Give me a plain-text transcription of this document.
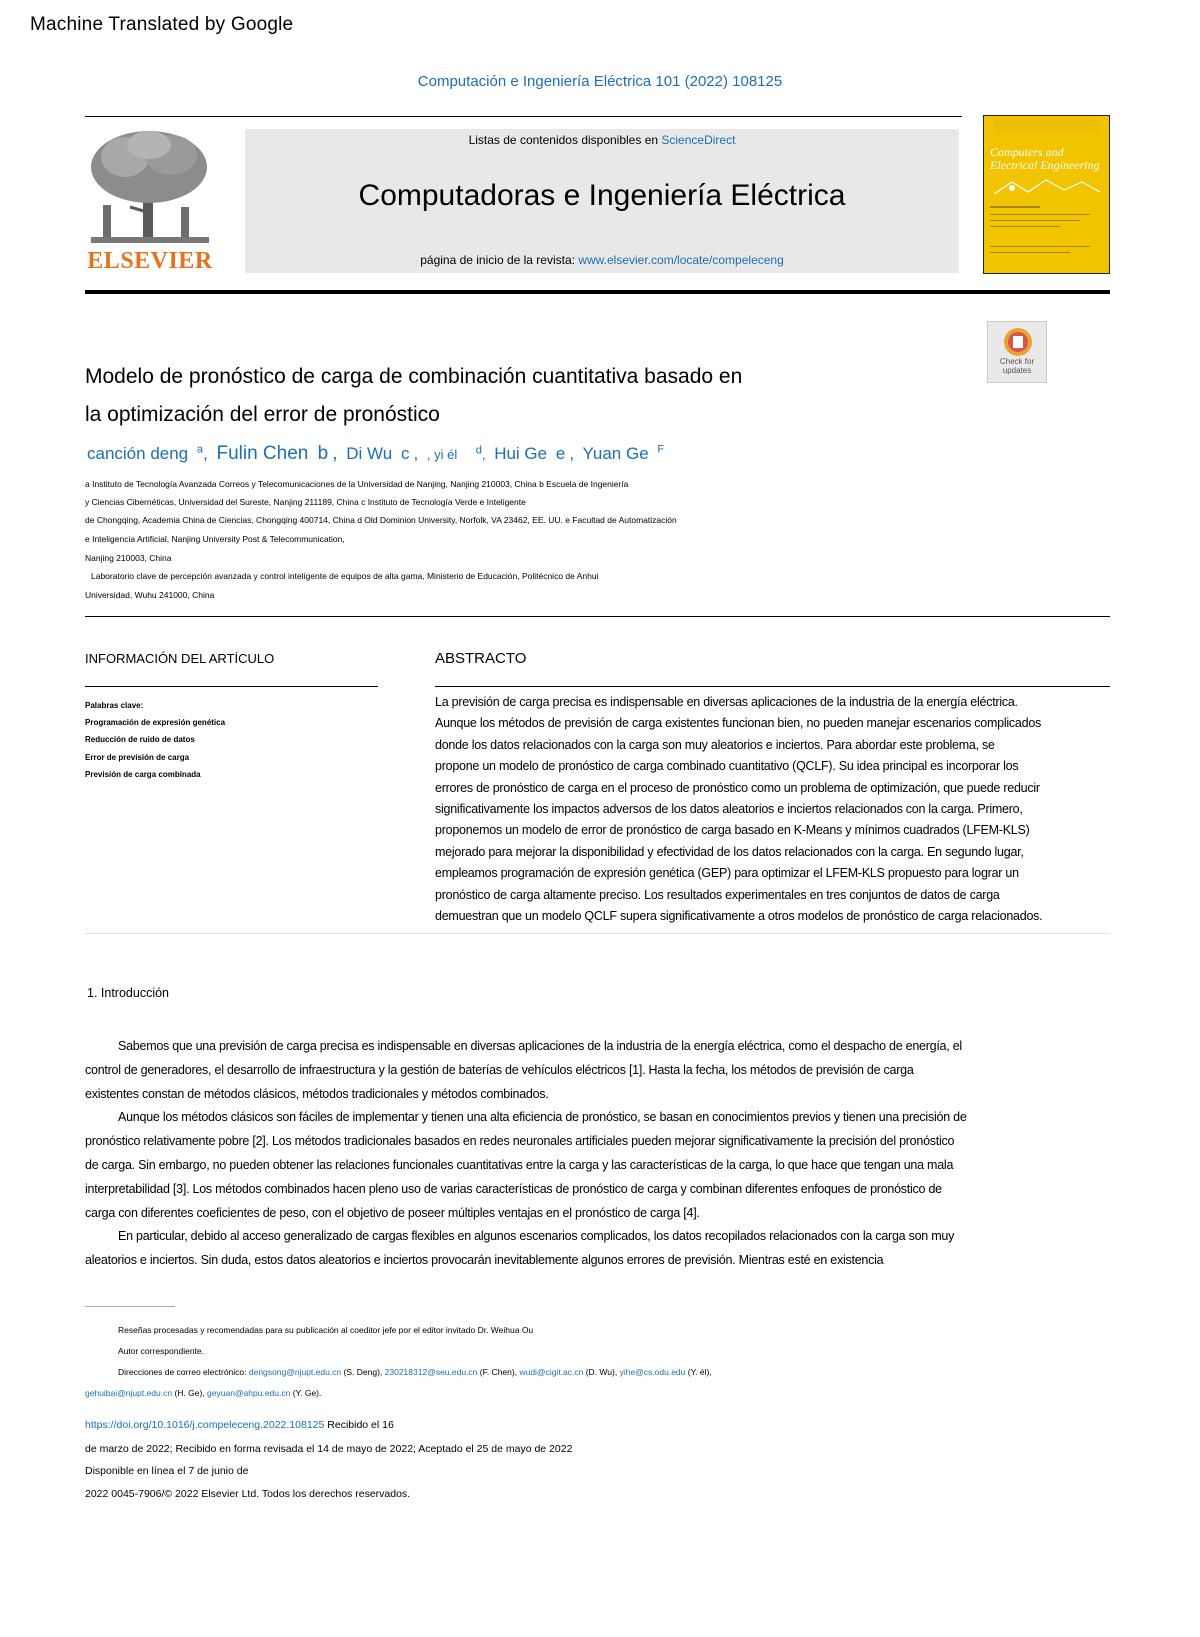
Machine Translated by Google
Computación e Ingeniería Eléctrica 101 (2022) 108125
ELSEVIER
Listas de contenidos disponibles en ScienceDirect
Computadoras e Ingeniería Eléctrica
página de inicio de la revista: www.elsevier.com/locate/compeleceng
Computers and
Electrical Engineering
Check for
updates
Modelo de pronóstico de carga de combinación cuantitativa basado en
la optimización del error de pronóstico
canción deng $^a$, Fulin Chen b , Di Wu c , , yi él $^d$, Hui Ge e , Yuan Ge $^F$
a Instituto de Tecnología Avanzada Correos y Telecomunicaciones de la Universidad de Nanjing, Nanjing 210003, China b Escuela de Ingeniería
y Ciencias Cibernéticas, Universidad del Sureste, Nanjing 211189, China c Instituto de Tecnología Verde e Inteligente
de Chongqing, Academia China de Ciencias, Chongqing 400714, China d Old Dominion University, Norfolk, VA 23462, EE. UU. e Facultad de Automatización
e Inteligencia Artificial, Nanjing University Post & Telecommunication,
Nanjing 210003, China
Laboratorio clave de percepción avanzada y control inteligente de equipos de alta gama, Ministerio de Educación, Politécnico de Anhui
Universidad, Wuhu 241000, China
INFORMACIÓN DEL ARTÍCULO
Palabras clave:
Programación de expresión genética
Reducción de ruido de datos
Error de previsión de carga
Previsión de carga combinada
ABSTRACTO
La previsión de carga precisa es indispensable en diversas aplicaciones de la industria de la energía eléctrica.
Aunque los métodos de previsión de carga existentes funcionan bien, no pueden manejar escenarios complicados
donde los datos relacionados con la carga son muy aleatorios e inciertos. Para abordar este problema, se
propone un modelo de pronóstico de carga combinado cuantitativo (QCLF). Su idea principal es incorporar los
errores de pronóstico de carga en el proceso de pronóstico como un problema de optimización, que puede reducir
significativamente los impactos adversos de los datos aleatorios e inciertos relacionados con la carga. Primero,
proponemos un modelo de error de pronóstico de carga basado en K-Means y mínimos cuadrados (LFEM-KLS)
mejorado para mejorar la disponibilidad y efectividad de los datos relacionados con la carga. En segundo lugar,
empleamos programación de expresión genética (GEP) para optimizar el LFEM-KLS propuesto para lograr un
pronóstico de carga altamente preciso. Los resultados experimentales en tres conjuntos de datos de carga
demuestran que un modelo QCLF supera significativamente a otros modelos de pronóstico de carga relacionados.
1. Introducción
Sabemos que una previsión de carga precisa es indispensable en diversas aplicaciones de la industria de la energía eléctrica, como el despacho de energía, el
control de generadores, el desarrollo de infraestructura y la gestión de baterías de vehículos eléctricos [1]. Hasta la fecha, los métodos de previsión de carga
existentes constan de métodos clásicos, métodos tradicionales y métodos combinados.
Aunque los métodos clásicos son fáciles de implementar y tienen una alta eficiencia de pronóstico, se basan en conocimientos previos y tienen una precisión de
pronóstico relativamente pobre [2]. Los métodos tradicionales basados en redes neuronales artificiales pueden mejorar significativamente la precisión del pronóstico
de carga. Sin embargo, no pueden obtener las relaciones funcionales cuantitativas entre la carga y las características de la carga, lo que hace que tengan una mala
interpretabilidad [3]. Los métodos combinados hacen pleno uso de varias características de pronóstico de carga y combinan diferentes enfoques de pronóstico de
carga con diferentes coeficientes de peso, con el objetivo de poseer múltiples ventajas en el pronóstico de carga [4].
En particular, debido al acceso generalizado de cargas flexibles en algunos escenarios complicados, los datos recopilados relacionados con la carga son muy
aleatorios e inciertos. Sin duda, estos datos aleatorios e inciertos provocarán inevitablemente algunos errores de previsión. Mientras esté en existencia
Reseñas procesadas y recomendadas para su publicación al coeditor jefe por el editor invitado Dr. Weihua Ou
Autor correspondiente.
Direcciones de correo electrónico: dengsong@njupt.edu.cn (S. Deng), 230218312@seu.edu.cn (F. Chen), wudi@cigit.ac.cn (D. Wu), yihe@cs.odu.edu (Y. él),
gehuibai@njupt.edu.cn (H. Ge), geyuan@ahpu.edu.cn (Y. Ge).
https://doi.org/10.1016/j.compeleceng.2022.108125 Recibido el 16
de marzo de 2022; Recibido en forma revisada el 14 de mayo de 2022; Aceptado el 25 de mayo de 2022
Disponible en línea el 7 de junio de
2022 0045-7906/© 2022 Elsevier Ltd. Todos los derechos reservados.
